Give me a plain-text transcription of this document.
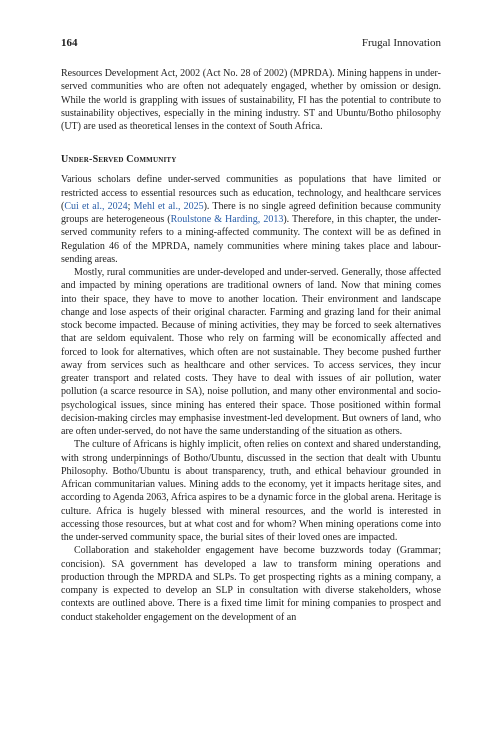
164	Frugal Innovation

Resources Development Act, 2002 (Act No. 28 of 2002) (MPRDA). Mining happens in under-served communities who are often not adequately engaged, whether by omission or design. While the world is grappling with issues of sustainability, FI has the potential to contribute to sustainability objectives, especially in the mining industry. ST and Ubuntu/Botho philosophy (UT) are used as theoretical lenses in the context of South Africa.

Under-Served Community

Various scholars define under-served communities as populations that have limited or restricted access to essential resources such as education, technology, and healthcare services (Cui et al., 2024; Mehl et al., 2025). There is no single agreed definition because community groups are heterogeneous (Roulstone & Harding, 2013). Therefore, in this chapter, the under-served community refers to a mining-affected community. The context will be as defined in Regulation 46 of the MPRDA, namely communities where mining takes place and labour-sending areas.

Mostly, rural communities are under-developed and under-served. Generally, those affected and impacted by mining operations are traditional owners of land. Now that mining comes into their space, they have to move to another location. Their environment and landscape change and lose aspects of their original character. Farming and grazing land for their animal stock become impacted. Because of mining activities, they may be forced to seek alternatives that are seldom equivalent. Those who rely on farming will be economically affected and forced to look for alternatives, which often are not sustainable. They become pushed further away from services such as healthcare and other services. To access services, they incur greater transport and related costs. They have to deal with issues of air pollution, water pollution (a scarce resource in SA), noise pollution, and many other environmental and socio-psychological issues, since mining has entered their space. Those positioned within formal decision-making circles may emphasise investment-led development. But owners of land, who are often under-served, do not have the same understanding of the situation as others.

The culture of Africans is highly implicit, often relies on context and shared understanding, with strong underpinnings of Botho/Ubuntu, discussed in the section that dealt with Ubuntu Philosophy. Botho/Ubuntu is about transparency, truth, and ethical behaviour grounded in African communitarian values. Mining adds to the economy, yet it impacts heritage sites, and according to Agenda 2063, Africa aspires to be a dynamic force in the global arena. Heritage is culture. Africa is hugely blessed with mineral resources, and the world is interested in accessing those resources, but at what cost and for whom? When mining operations come into the under-served community space, the burial sites of their loved ones are impacted.

Collaboration and stakeholder engagement have become buzzwords today (Grammar; concision). SA government has developed a law to transform mining operations and production through the MPRDA and SLPs. To get prospecting rights as a mining company, a company is expected to develop an SLP in consultation with diverse stakeholders, whose contexts are outlined above. There is a fixed time limit for mining companies to prospect and conduct stakeholder engagement on the development of an
